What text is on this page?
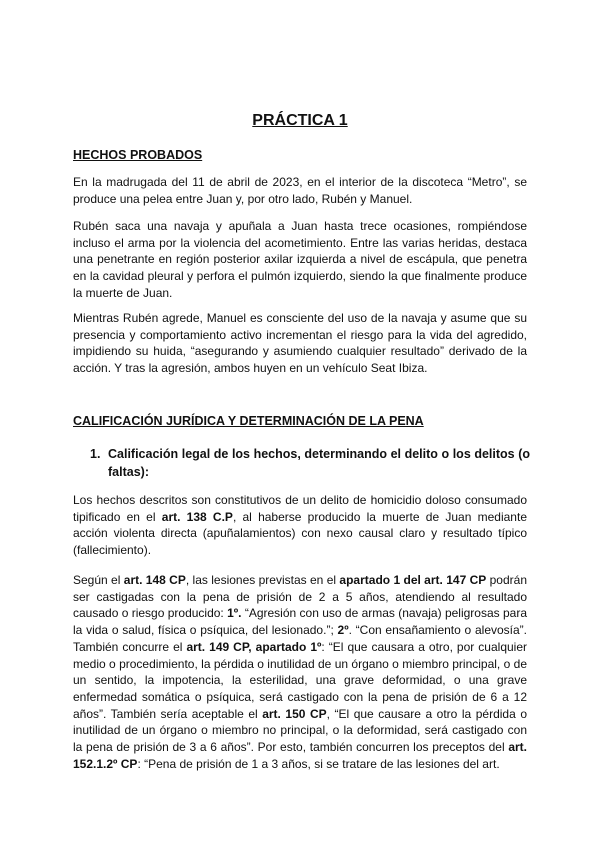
PRÁCTICA 1
HECHOS PROBADOS
En la madrugada del 11 de abril de 2023, en el interior de la discoteca “Metro”, se produce una pelea entre Juan y, por otro lado, Rubén y Manuel.
Rubén saca una navaja y apuñala a Juan hasta trece ocasiones, rompiéndose incluso el arma por la violencia del acometimiento. Entre las varias heridas, destaca una penetrante en región posterior axilar izquierda a nivel de escápula, que penetra en la cavidad pleural y perfora el pulmón izquierdo, siendo la que finalmente produce la muerte de Juan.
Mientras Rubén agrede, Manuel es consciente del uso de la navaja y asume que su presencia y comportamiento activo incrementan el riesgo para la vida del agredido, impidiendo su huida, “asegurando y asumiendo cualquier resultado” derivado de la acción. Y tras la agresión, ambos huyen en un vehículo Seat Ibiza.
CALIFICACIÓN JURÍDICA Y DETERMINACIÓN DE LA PENA
1. Calificación legal de los hechos, determinando el delito o los delitos (o faltas):
Los hechos descritos son constitutivos de un delito de homicidio doloso consumado tipificado en el art. 138 C.P, al haberse producido la muerte de Juan mediante acción violenta directa (apuñalamientos) con nexo causal claro y resultado típico (fallecimiento).
Según el art. 148 CP, las lesiones previstas en el apartado 1 del art. 147 CP podrán ser castigadas con la pena de prisión de 2 a 5 años, atendiendo al resultado causado o riesgo producido: 1º. “Agresión con uso de armas (navaja) peligrosas para la vida o salud, física o psíquica, del lesionado.”; 2º. “Con ensañamiento o alevosía”. También concurre el art. 149 CP, apartado 1º: “El que causara a otro, por cualquier medio o procedimiento, la pérdida o inutilidad de un órgano o miembro principal, o de un sentido, la impotencia, la esterilidad, una grave deformidad, o una grave enfermedad somática o psíquica, será castigado con la pena de prisión de 6 a 12 años”. También sería aceptable el art. 150 CP, “El que causare a otro la pérdida o inutilidad de un órgano o miembro no principal, o la deformidad, será castigado con la pena de prisión de 3 a 6 años”. Por esto, también concurren los preceptos del art. 152.1.2º CP: “Pena de prisión de 1 a 3 años, si se tratare de las lesiones del art.
